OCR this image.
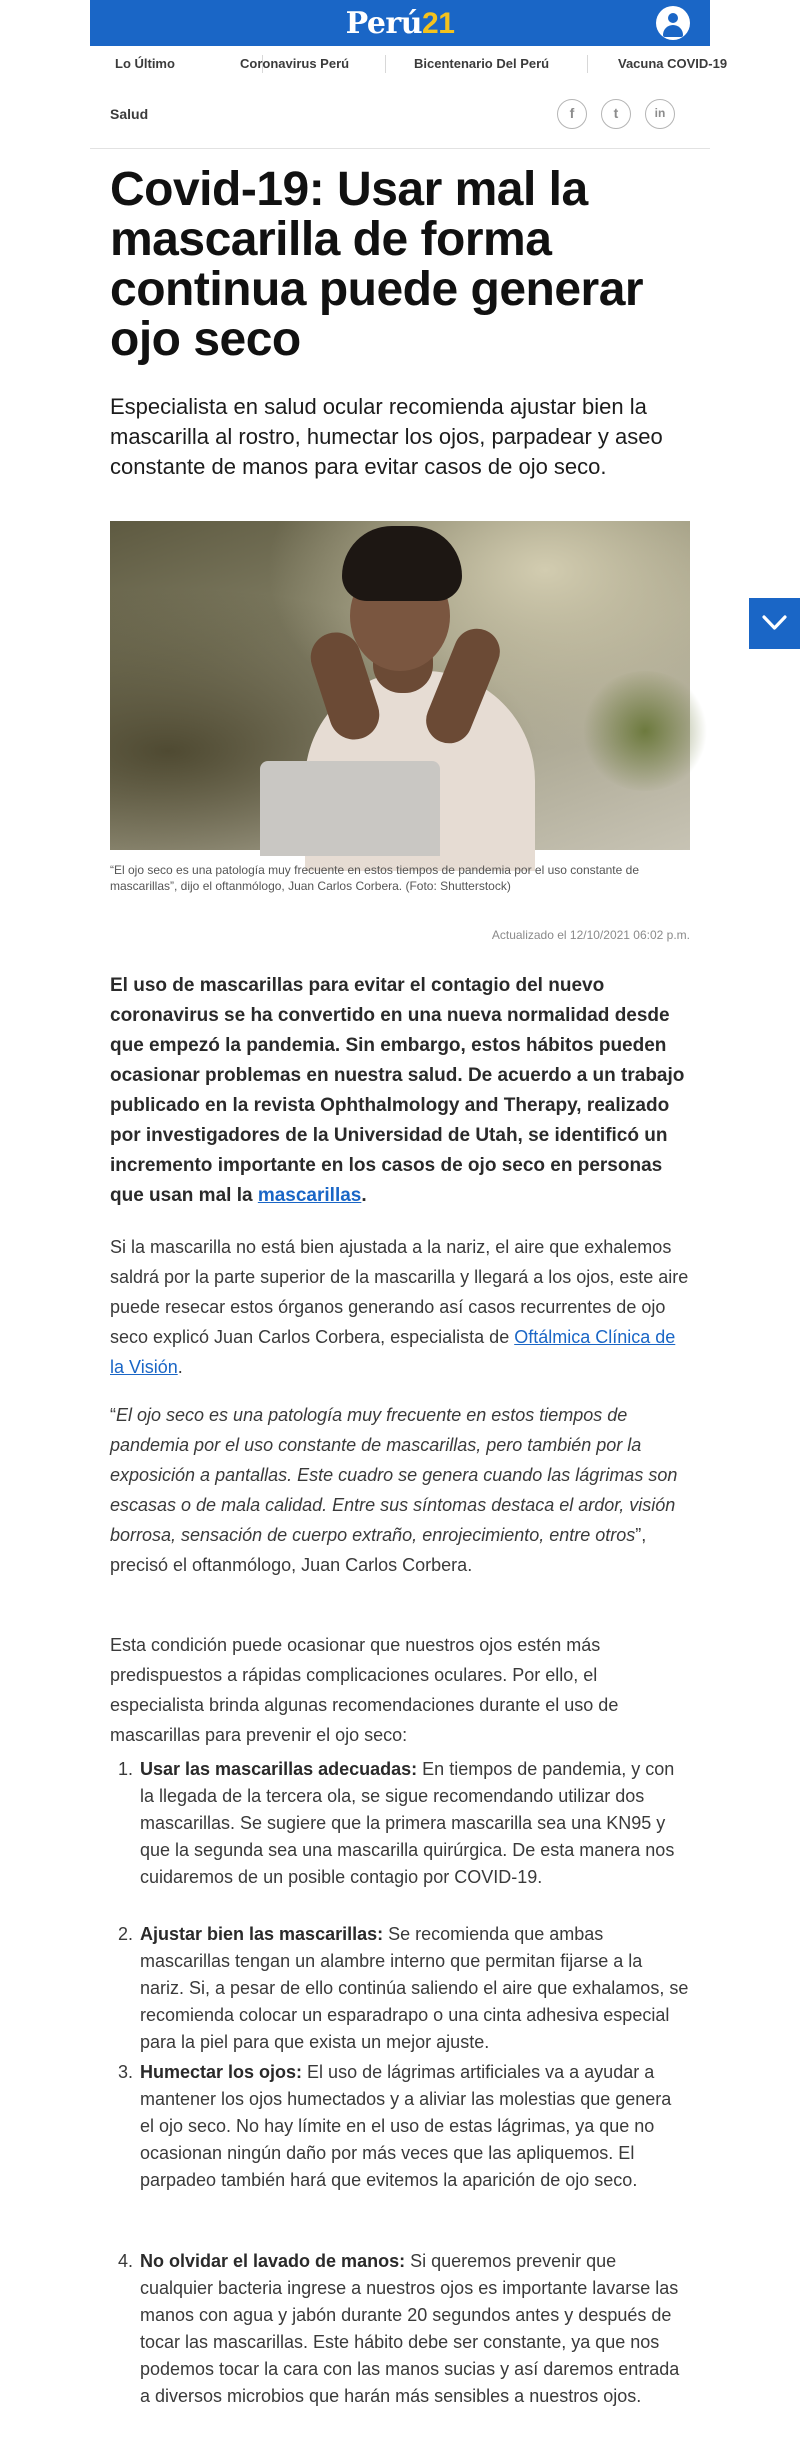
Perú21
Lo Último	Coronavirus Perú	Bicentenario Del Perú	Vacuna COVID-19
Salud	f	t	in
Covid-19: Usar mal la mascarilla de forma continua puede generar ojo seco

Especialista en salud ocular recomienda ajustar bien la mascarilla al rostro, humectar los ojos, parpadear y aseo constante de manos para evitar casos de ojo seco.

“El ojo seco es una patología muy frecuente en estos tiempos de pandemia por el uso constante de mascarillas”, dijo el oftanmólogo, Juan Carlos Corbera. (Foto: Shutterstock)

Actualizado el 12/10/2021 06:02 p.m.

El uso de mascarillas para evitar el contagio del nuevo coronavirus se ha convertido en una nueva normalidad desde que empezó la pandemia. Sin embargo, estos hábitos pueden ocasionar problemas en nuestra salud. De acuerdo a un trabajo publicado en la revista Ophthalmology and Therapy, realizado por investigadores de la Universidad de Utah, se identificó un incremento importante en los casos de ojo seco en personas que usan mal la mascarillas.

Si la mascarilla no está bien ajustada a la nariz, el aire que exhalemos saldrá por la parte superior de la mascarilla y llegará a los ojos, este aire puede resecar estos órganos generando así casos recurrentes de ojo seco explicó Juan Carlos Corbera, especialista de Oftálmica Clínica de la Visión.

“El ojo seco es una patología muy frecuente en estos tiempos de pandemia por el uso constante de mascarillas, pero también por la exposición a pantallas. Este cuadro se genera cuando las lágrimas son escasas o de mala calidad. Entre sus síntomas destaca el ardor, visión borrosa, sensación de cuerpo extraño, enrojecimiento, entre otros”, precisó el oftanmólogo, Juan Carlos Corbera.

Esta condición puede ocasionar que nuestros ojos estén más predispuestos a rápidas complicaciones oculares. Por ello, el especialista brinda algunas recomendaciones durante el uso de mascarillas para prevenir el ojo seco:

1. Usar las mascarillas adecuadas: En tiempos de pandemia, y con la llegada de la tercera ola, se sigue recomendando utilizar dos mascarillas. Se sugiere que la primera mascarilla sea una KN95 y que la segunda sea una mascarilla quirúrgica. De esta manera nos cuidaremos de un posible contagio por COVID-19.
2. Ajustar bien las mascarillas: Se recomienda que ambas mascarillas tengan un alambre interno que permitan fijarse a la nariz. Si, a pesar de ello continúa saliendo el aire que exhalamos, se recomienda colocar un esparadrapo o una cinta adhesiva especial para la piel para que exista un mejor ajuste.
3. Humectar los ojos: El uso de lágrimas artificiales va a ayudar a mantener los ojos humectados y a aliviar las molestias que genera el ojo seco. No hay límite en el uso de estas lágrimas, ya que no ocasionan ningún daño por más veces que las apliquemos. El parpadeo también hará que evitemos la aparición de ojo seco.
4. No olvidar el lavado de manos: Si queremos prevenir que cualquier bacteria ingrese a nuestros ojos es importante lavarse las manos con agua y jabón durante 20 segundos antes y después de tocar las mascarillas. Este hábito debe ser constante, ya que nos podemos tocar la cara con las manos sucias y así daremos entrada a diversos microbios que harán más sensibles a nuestros ojos.
